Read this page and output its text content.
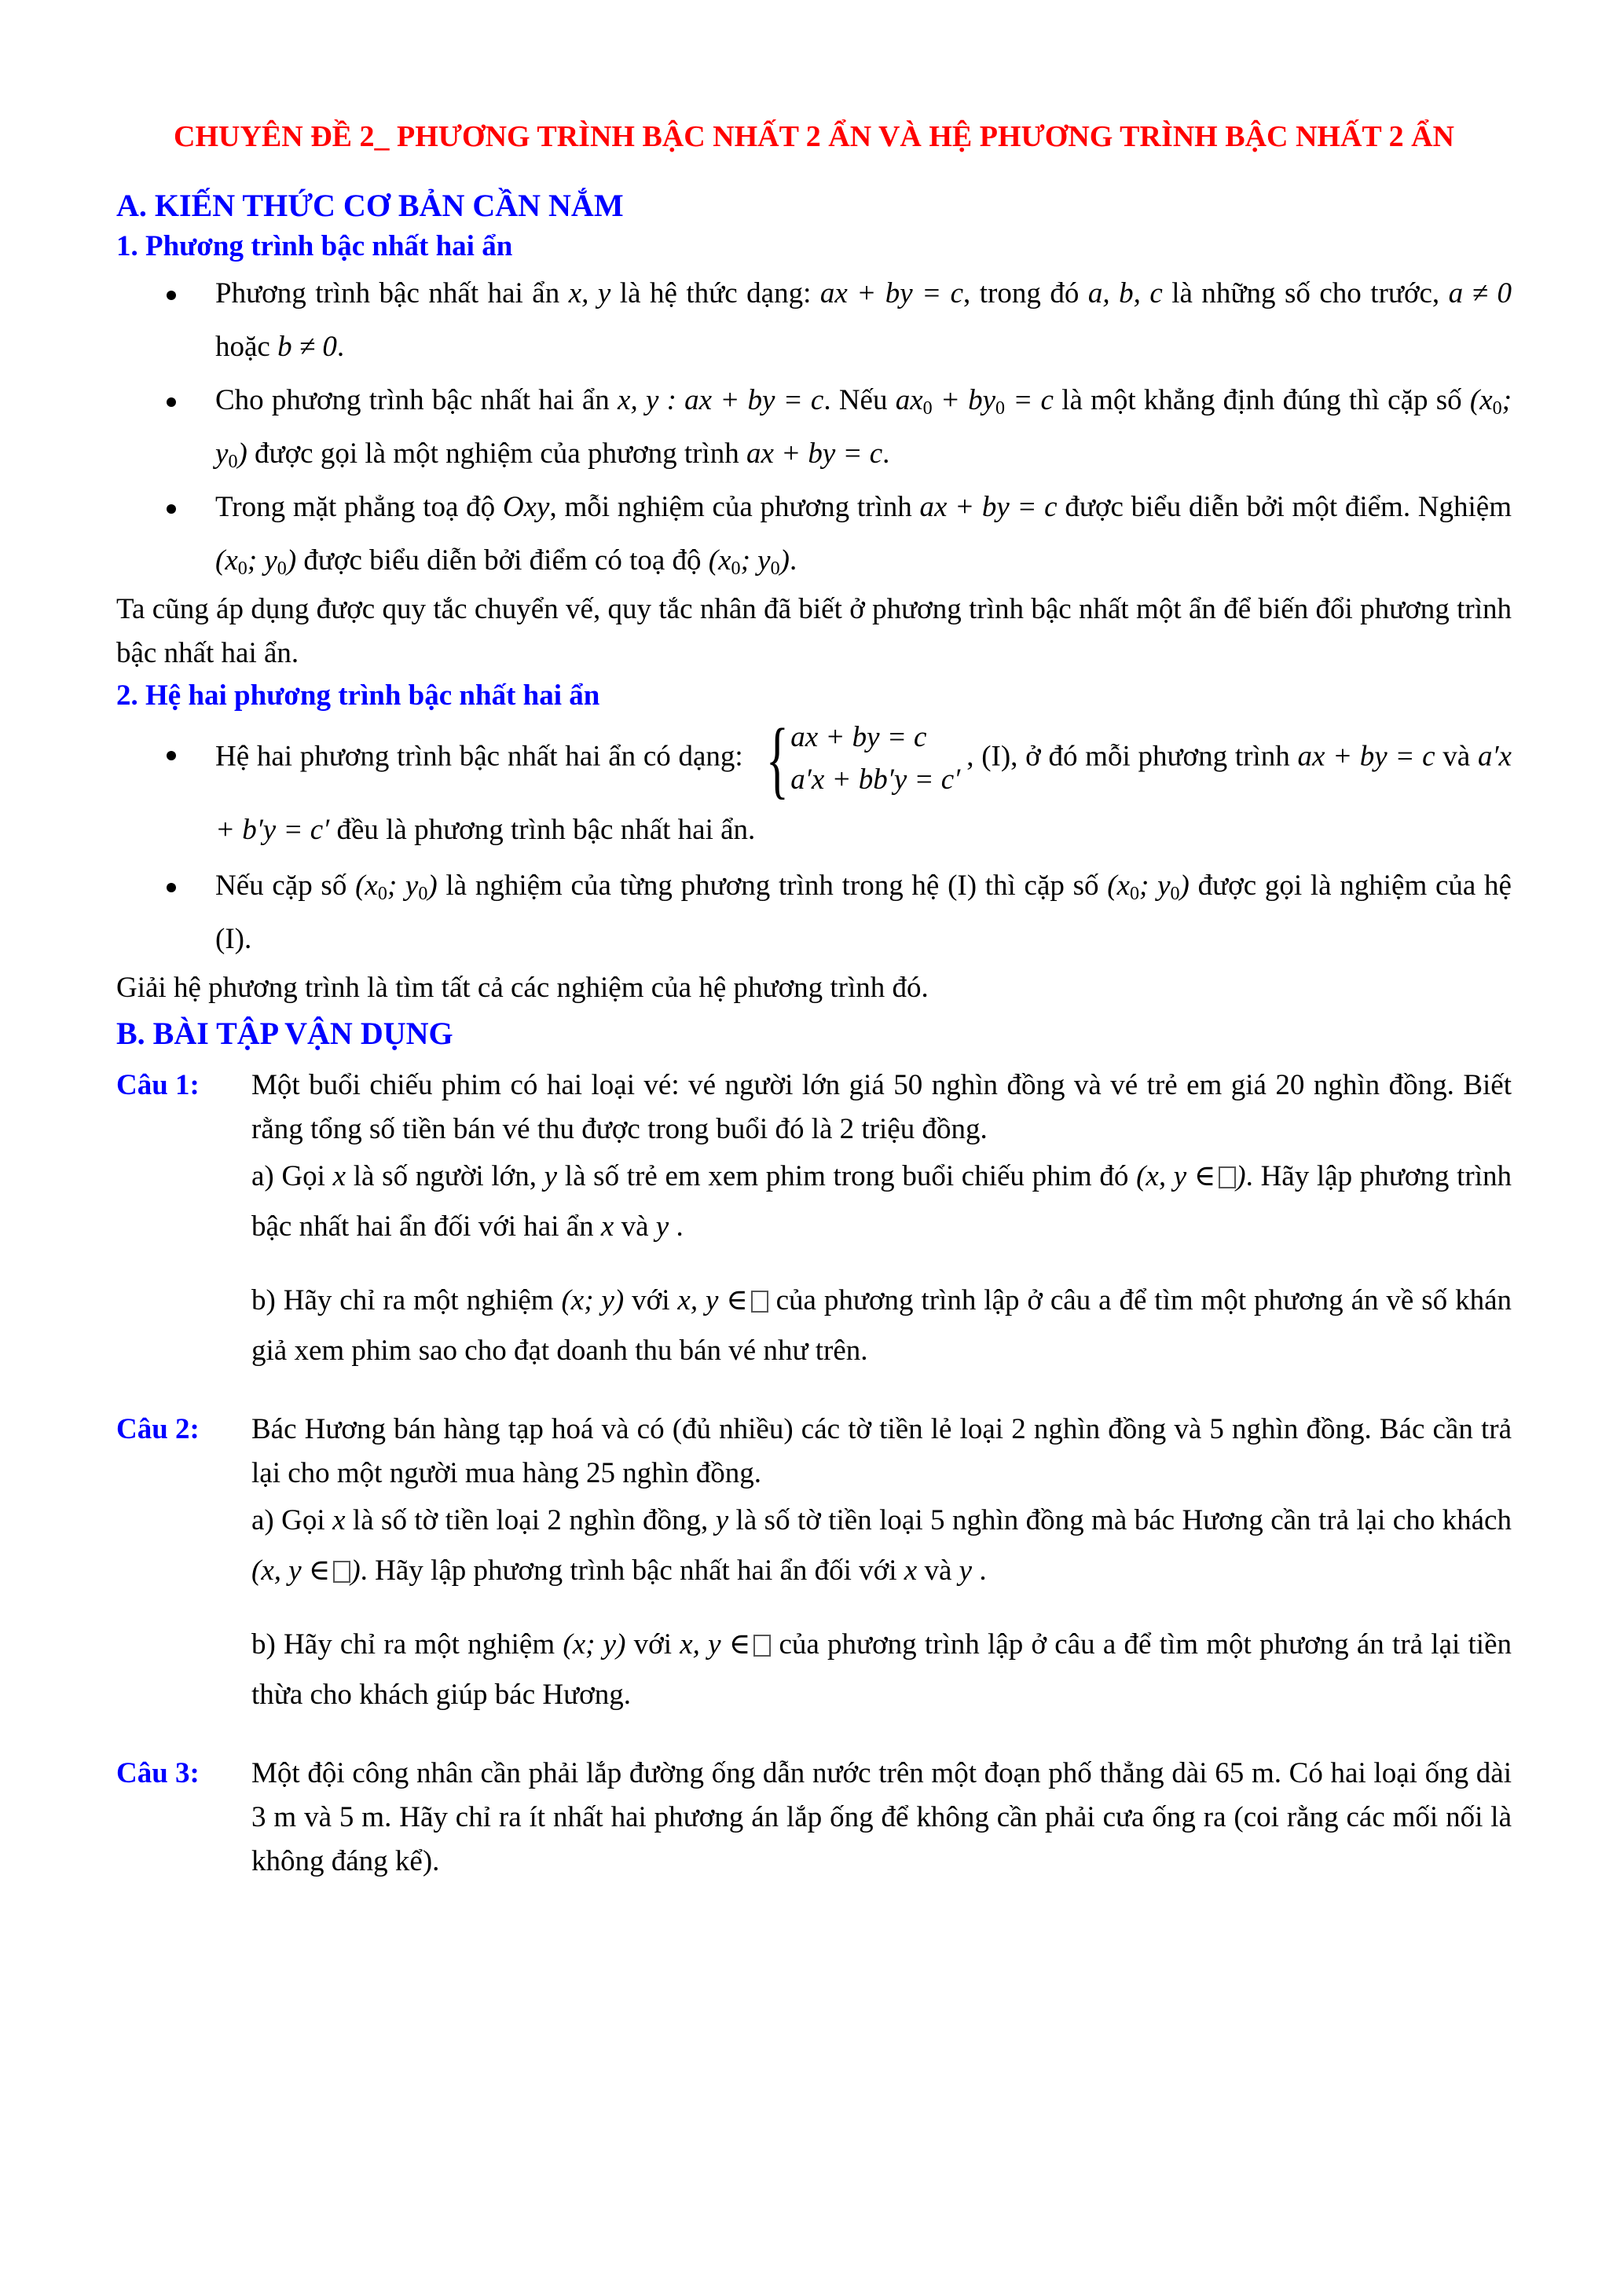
CHUYÊN ĐỀ 2_ PHƯƠNG TRÌNH BẬC NHẤT 2 ẨN VÀ HỆ PHƯƠNG TRÌNH BẬC NHẤT 2 ẨN
A. KIẾN THỨC CƠ BẢN CẦN NẮM
1. Phương trình bậc nhất hai ẩn
Phương trình bậc nhất hai ẩn x, y là hệ thức dạng: ax + by = c, trong đó a, b, c là những số cho trước, a ≠ 0 hoặc b ≠ 0.
Cho phương trình bậc nhất hai ẩn x, y : ax + by = c. Nếu $ax_0 + by_0 = c$ là một khẳng định đúng thì cặp số ($x_0$; $y_0$) được gọi là một nghiệm của phương trình ax + by = c.
Trong mặt phẳng toạ độ Oxy, mỗi nghiệm của phương trình ax + by = c được biểu diễn bởi một điểm. Nghiệm ($x_0$; $y_0$) được biểu diễn bởi điểm có toạ độ ($x_0$; $y_0$).

Ta cũng áp dụng được quy tắc chuyển vế, quy tắc nhân đã biết ở phương trình bậc nhất một ẩn để biến đổi phương trình bậc nhất hai ẩn.

2. Hệ hai phương trình bậc nhất hai ẩn
Hệ hai phương trình bậc nhất hai ẩn có dạng: { ax + by = c
a′x + bb′y = c′
, (I), ở đó mỗi phương trình ax + by = c và a′x + b′y = c′ đều là phương trình bậc nhất hai ẩn.
Nếu cặp số ($x_0$; $y_0$) là nghiệm của từng phương trình trong hệ (I) thì cặp số ($x_0$; $y_0$) được gọi là nghiệm của hệ (I).

Giải hệ phương trình là tìm tất cả các nghiệm của hệ phương trình đó.

B. BÀI TẬP VẬN DỤNG
Câu 1:	Một buổi chiếu phim có hai loại vé: vé người lớn giá 50 nghìn đồng và vé trẻ em giá 20 nghìn đồng. Biết rằng tổng số tiền bán vé thu được trong buổi đó là 2 triệu đồng.

a) Gọi x là số người lớn, y là số trẻ em xem phim trong buổi chiếu phim đó (x, y ∈ ). Hãy lập phương trình bậc nhất hai ẩn đối với hai ẩn x và y .

b) Hãy chỉ ra một nghiệm (x; y) với x, y ∈ của phương trình lập ở câu a để tìm một phương án về số khán giả xem phim sao cho đạt doanh thu bán vé như trên.

Câu 2:	Bác Hương bán hàng tạp hoá và có (đủ nhiều) các tờ tiền lẻ loại 2 nghìn đồng và 5 nghìn đồng. Bác cần trả lại cho một người mua hàng 25 nghìn đồng.

a) Gọi x là số tờ tiền loại 2 nghìn đồng, y là số tờ tiền loại 5 nghìn đồng mà bác Hương cần trả lại cho khách (x, y ∈ ). Hãy lập phương trình bậc nhất hai ẩn đối với x và y .

b) Hãy chỉ ra một nghiệm (x; y) với x, y ∈ của phương trình lập ở câu a để tìm một phương án trả lại tiền thừa cho khách giúp bác Hương.

Câu 3:	Một đội công nhân cần phải lắp đường ống dẫn nước trên một đoạn phố thẳng dài 65 m. Có hai loại ống dài 3 m và 5 m. Hãy chỉ ra ít nhất hai phương án lắp ống để không cần phải cưa ống ra (coi rằng các mối nối là không đáng kể).
